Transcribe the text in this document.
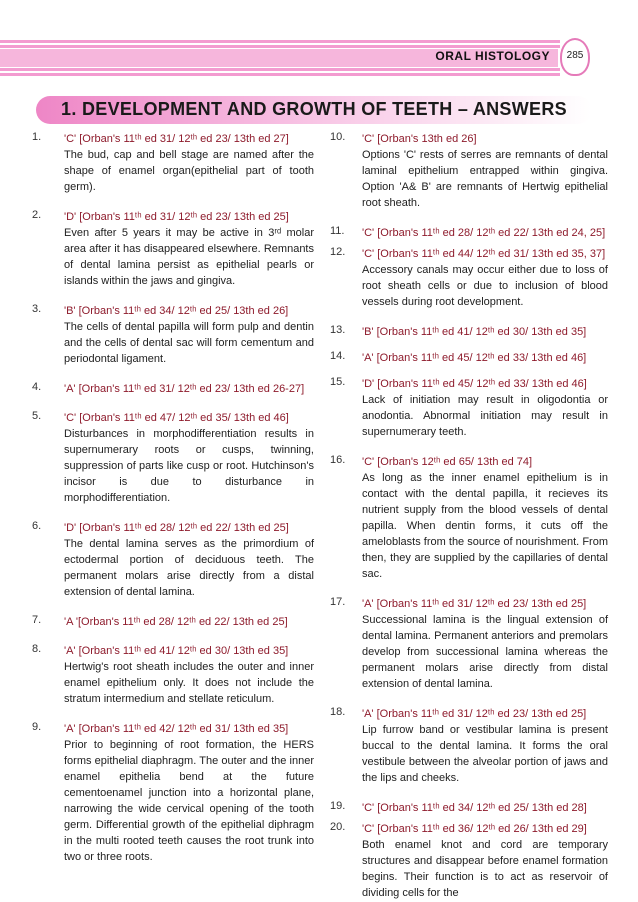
ORAL HISTOLOGY	285
1. DEVELOPMENT AND GROWTH OF TEETH – ANSWERS
1. 'C' [Orban's 11ᵗʰ ed 31/ 12ᵗʰ ed 23/ 13th ed 27]
The bud, cap and bell stage are named after the shape of enamel organ(epithelial part of tooth germ).
2. 'D' [Orban's 11ᵗʰ ed 31/ 12ᵗʰ ed 23/ 13th ed 25]
Even after 5 years it may be active in 3ʳᵈ molar area after it has disappeared elsewhere. Remnants of dental lamina persist as epithelial pearls or islands within the jaws and gingiva.
3. 'B' [Orban's 11ᵗʰ ed 34/ 12ᵗʰ ed 25/ 13th ed 26]
The cells of dental papilla will form pulp and dentin and the cells of dental sac will form cementum and periodontal ligament.
4. 'A' [Orban's 11ᵗʰ ed 31/ 12ᵗʰ ed 23/ 13th ed 26-27]
5. 'C' [Orban's 11ᵗʰ ed 47/ 12ᵗʰ ed 35/ 13th ed 46]
Disturbances in morphodifferentiation results in supernumerary roots or cusps, twinning, suppression of parts like cusp or root. Hutchinson's incisor is due to disturbance in morphodifferentiation.
6. 'D' [Orban's 11ᵗʰ ed 28/ 12ᵗʰ ed 22/ 13th ed 25]
The dental lamina serves as the primordium of ectodermal portion of deciduous teeth. The permanent molars arise directly from a distal extension of dental lamina.
7. 'A '[Orban's 11ᵗʰ ed 28/ 12ᵗʰ ed 22/ 13th ed 25]
8. 'A' [Orban's 11ᵗʰ ed 41/ 12ᵗʰ ed 30/ 13th ed 35]
Hertwig's root sheath includes the outer and inner enamel epithelium only. It does not include the stratum intermedium and stellate reticulum.
9. 'A' [Orban's 11ᵗʰ ed 42/ 12ᵗʰ ed 31/ 13th ed 35]
Prior to beginning of root formation, the HERS forms epithelial diaphragm. The outer and the inner enamel epithelia bend at the future cementoenamel junction into a horizontal plane, narrowing the wide cervical opening of the tooth germ. Differential growth of the epithelial diphragm in the multi rooted teeth causes the root trunk into two or three roots.
10. 'C' [Orban's 13th ed 26]
Options 'C' rests of serres are remnants of dental laminal epithelium entrapped within gingiva. Option 'A& B' are remnants of Hertwig epithelial root sheath.
11. 'C' [Orban's 11ᵗʰ ed 28/ 12ᵗʰ ed 22/ 13th ed 24, 25]
12. 'C' [Orban's 11ᵗʰ ed 44/ 12ᵗʰ ed 31/ 13th ed 35, 37]
Accessory canals may occur either due to loss of root sheath cells or due to inclusion of blood vessels during root development.
13. 'B' [Orban's 11ᵗʰ ed 41/ 12ᵗʰ ed 30/ 13th ed 35]
14. 'A' [Orban's 11ᵗʰ ed 45/ 12ᵗʰ ed 33/ 13th ed 46]
15. 'D' [Orban's 11ᵗʰ ed 45/ 12ᵗʰ ed 33/ 13th ed 46]
Lack of initiation may result in oligodontia or anodontia. Abnormal initiation may result in supernumerary teeth.
16. 'C' [Orban's 12ᵗʰ ed 65/ 13th ed 74]
As long as the inner enamel epithelium is in contact with the dental papilla, it recieves its nutrient supply from the blood vessels of dental papilla. When dentin forms, it cuts off the ameloblasts from the source of nourishment. From then, they are supplied by the capillaries of dental sac.
17. 'A' [Orban's 11ᵗʰ ed 31/ 12ᵗʰ ed 23/ 13th ed 25]
Successional lamina is the lingual extension of dental lamina. Permanent anteriors and premolars develop from successional lamina whereas the permanent molars arise directly from distal extension of dental lamina.
18. 'A' [Orban's 11ᵗʰ ed 31/ 12ᵗʰ ed 23/ 13th ed 25]
Lip furrow band or vestibular lamina is present buccal to the dental lamina. It forms the oral vestibule between the alveolar portion of jaws and the lips and cheeks.
19. 'C' [Orban's 11ᵗʰ ed 34/ 12ᵗʰ ed 25/ 13th ed 28]
20. 'C' [Orban's 11ᵗʰ ed 36/ 12ᵗʰ ed 26/ 13th ed 29]
Both enamel knot and cord are temporary structures and disappear before enamel formation begins. Their function is to act as reservoir of dividing cells for the
